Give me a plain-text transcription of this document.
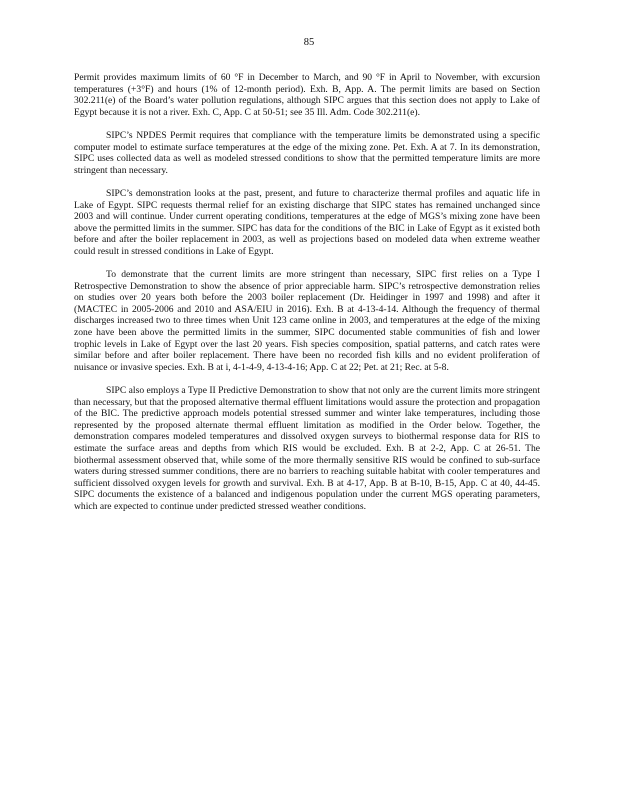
85

Permit provides maximum limits of 60 °F in December to March, and 90 °F in April to November, with excursion temperatures (+3°F) and hours (1% of 12-month period). Exh. B, App. A. The permit limits are based on Section 302.211(e) of the Board’s water pollution regulations, although SIPC argues that this section does not apply to Lake of Egypt because it is not a river. Exh. C, App. C at 50-51; see 35 Ill. Adm. Code 302.211(e).

SIPC’s NPDES Permit requires that compliance with the temperature limits be demonstrated using a specific computer model to estimate surface temperatures at the edge of the mixing zone. Pet. Exh. A at 7. In its demonstration, SIPC uses collected data as well as modeled stressed conditions to show that the permitted temperature limits are more stringent than necessary.

SIPC’s demonstration looks at the past, present, and future to characterize thermal profiles and aquatic life in Lake of Egypt. SIPC requests thermal relief for an existing discharge that SIPC states has remained unchanged since 2003 and will continue. Under current operating conditions, temperatures at the edge of MGS’s mixing zone have been above the permitted limits in the summer. SIPC has data for the conditions of the BIC in Lake of Egypt as it existed both before and after the boiler replacement in 2003, as well as projections based on modeled data when extreme weather could result in stressed conditions in Lake of Egypt.

To demonstrate that the current limits are more stringent than necessary, SIPC first relies on a Type I Retrospective Demonstration to show the absence of prior appreciable harm. SIPC’s retrospective demonstration relies on studies over 20 years both before the 2003 boiler replacement (Dr. Heidinger in 1997 and 1998) and after it (MACTEC in 2005-2006 and 2010 and ASA/EIU in 2016). Exh. B at 4-13-4-14. Although the frequency of thermal discharges increased two to three times when Unit 123 came online in 2003, and temperatures at the edge of the mixing zone have been above the permitted limits in the summer, SIPC documented stable communities of fish and lower trophic levels in Lake of Egypt over the last 20 years. Fish species composition, spatial patterns, and catch rates were similar before and after boiler replacement. There have been no recorded fish kills and no evident proliferation of nuisance or invasive species. Exh. B at i, 4-1-4-9, 4-13-4-16; App. C at 22; Pet. at 21; Rec. at 5-8.

SIPC also employs a Type II Predictive Demonstration to show that not only are the current limits more stringent than necessary, but that the proposed alternative thermal effluent limitations would assure the protection and propagation of the BIC. The predictive approach models potential stressed summer and winter lake temperatures, including those represented by the proposed alternate thermal effluent limitation as modified in the Order below. Together, the demonstration compares modeled temperatures and dissolved oxygen surveys to biothermal response data for RIS to estimate the surface areas and depths from which RIS would be excluded. Exh. B at 2-2, App. C at 26-51. The biothermal assessment observed that, while some of the more thermally sensitive RIS would be confined to sub-surface waters during stressed summer conditions, there are no barriers to reaching suitable habitat with cooler temperatures and sufficient dissolved oxygen levels for growth and survival. Exh. B at 4-17, App. B at B-10, B-15, App. C at 40, 44-45. SIPC documents the existence of a balanced and indigenous population under the current MGS operating parameters, which are expected to continue under predicted stressed weather conditions.
